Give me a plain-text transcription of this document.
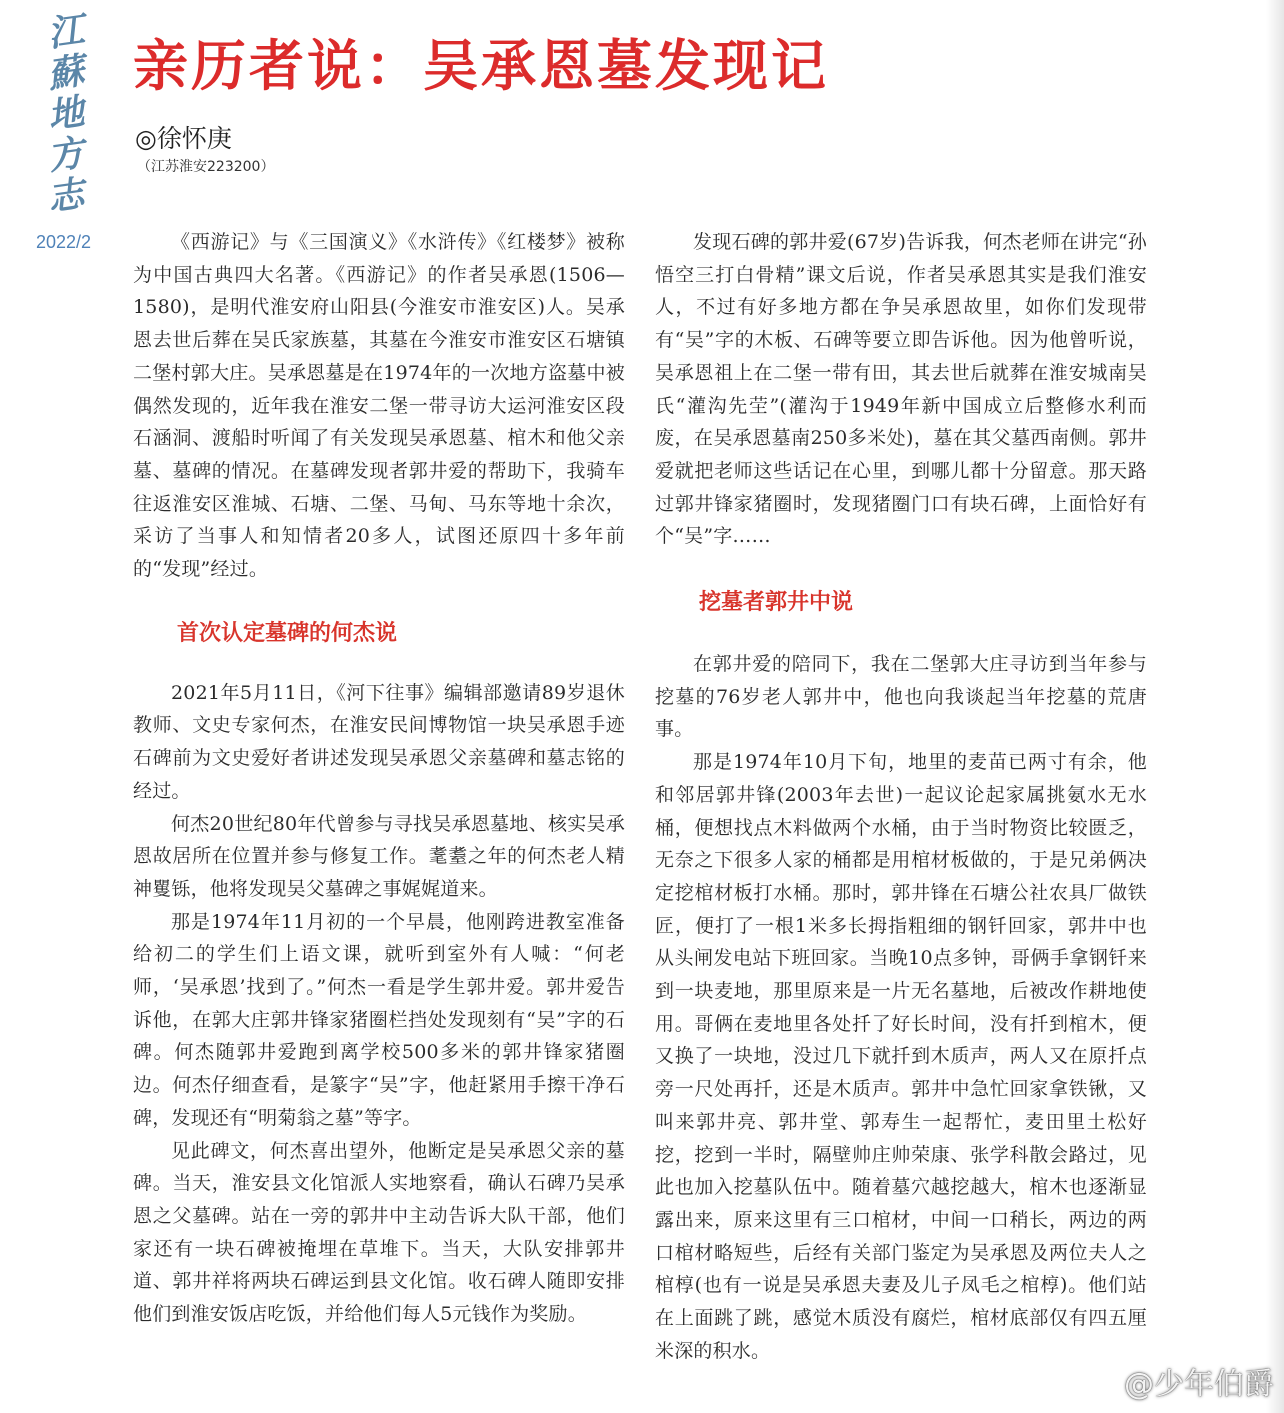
江
蘇
地
方
志
2022/2
亲历者说：吴承恩墓发现记
◎徐怀庚
（江苏淮安223200）

《西游记》与《三国演义》《水浒传》《红楼梦》被称为中国古典四大名著。《西游记》的作者吴承恩(1506—1580)，是明代淮安府山阳县(今淮安市淮安区)人。吴承恩去世后葬在吴氏家族墓，其墓在今淮安市淮安区石塘镇二堡村郭大庄。吴承恩墓是在1974年的一次地方盗墓中被偶然发现的，近年我在淮安二堡一带寻访大运河淮安区段石涵洞、渡船时听闻了有关发现吴承恩墓、棺木和他父亲墓、墓碑的情况。在墓碑发现者郭井爱的帮助下，我骑车往返淮安区淮城、石塘、二堡、马甸、马东等地十余次，采访了当事人和知情者20多人，试图还原四十多年前的“发现”经过。

首次认定墓碑的何杰说

2021年5月11日，《河下往事》编辑部邀请89岁退休教师、文史专家何杰，在淮安民间博物馆一块吴承恩手迹石碑前为文史爱好者讲述发现吴承恩父亲墓碑和墓志铭的经过。

何杰20世纪80年代曾参与寻找吴承恩墓地、核实吴承恩故居所在位置并参与修复工作。耄耋之年的何杰老人精神矍铄，他将发现吴父墓碑之事娓娓道来。

那是1974年11月初的一个早晨，他刚跨进教室准备给初二的学生们上语文课，就听到室外有人喊：“何老师，‘吴承恩’找到了。”何杰一看是学生郭井爱。郭井爱告诉他，在郭大庄郭井锋家猪圈栏挡处发现刻有“吴”字的石碑。何杰随郭井爱跑到离学校500多米的郭井锋家猪圈边。何杰仔细查看，是篆字“吴”字，他赶紧用手擦干净石碑，发现还有“明菊翁之墓”等字。

见此碑文，何杰喜出望外，他断定是吴承恩父亲的墓碑。当天，淮安县文化馆派人实地察看，确认石碑乃吴承恩之父墓碑。站在一旁的郭井中主动告诉大队干部，他们家还有一块石碑被掩埋在草堆下。当天，大队安排郭井道、郭井祥将两块石碑运到县文化馆。收石碑人随即安排他们到淮安饭店吃饭，并给他们每人5元钱作为奖励。

发现石碑的郭井爱(67岁)告诉我，何杰老师在讲完“孙悟空三打白骨精”课文后说，作者吴承恩其实是我们淮安人，不过有好多地方都在争吴承恩故里，如你们发现带有“吴”字的木板、石碑等要立即告诉他。因为他曾听说，吴承恩祖上在二堡一带有田，其去世后就葬在淮安城南吴氏“灌沟先茔”(灌沟于1949年新中国成立后整修水利而废，在吴承恩墓南250多米处)，墓在其父墓西南侧。郭井爱就把老师这些话记在心里，到哪儿都十分留意。那天路过郭井锋家猪圈时，发现猪圈门口有块石碑，上面恰好有个“吴”字……

挖墓者郭井中说

在郭井爱的陪同下，我在二堡郭大庄寻访到当年参与挖墓的76岁老人郭井中，他也向我谈起当年挖墓的荒唐事。

那是1974年10月下旬，地里的麦苗已两寸有余，他和邻居郭井锋(2003年去世)一起议论起家属挑氨水无水桶，便想找点木料做两个水桶，由于当时物资比较匮乏，无奈之下很多人家的桶都是用棺材板做的，于是兄弟俩决定挖棺材板打水桶。那时，郭井锋在石塘公社农具厂做铁匠，便打了一根1米多长拇指粗细的钢钎回家，郭井中也从头闸发电站下班回家。当晚10点多钟，哥俩手拿钢钎来到一块麦地，那里原来是一片无名墓地，后被改作耕地使用。哥俩在麦地里各处扦了好长时间，没有扦到棺木，便又换了一块地，没过几下就扦到木质声，两人又在原扦点旁一尺处再扦，还是木质声。郭井中急忙回家拿铁锹，又叫来郭井亮、郭井堂、郭寿生一起帮忙，麦田里土松好挖，挖到一半时，隔壁帅庄帅荣康、张学科散会路过，见此也加入挖墓队伍中。随着墓穴越挖越大，棺木也逐渐显露出来，原来这里有三口棺材，中间一口稍长，两边的两口棺材略短些，后经有关部门鉴定为吴承恩及两位夫人之棺椁(也有一说是吴承恩夫妻及儿子凤毛之棺椁)。他们站在上面跳了跳，感觉木质没有腐烂，棺材底部仅有四五厘米深的积水。

@少年伯爵
